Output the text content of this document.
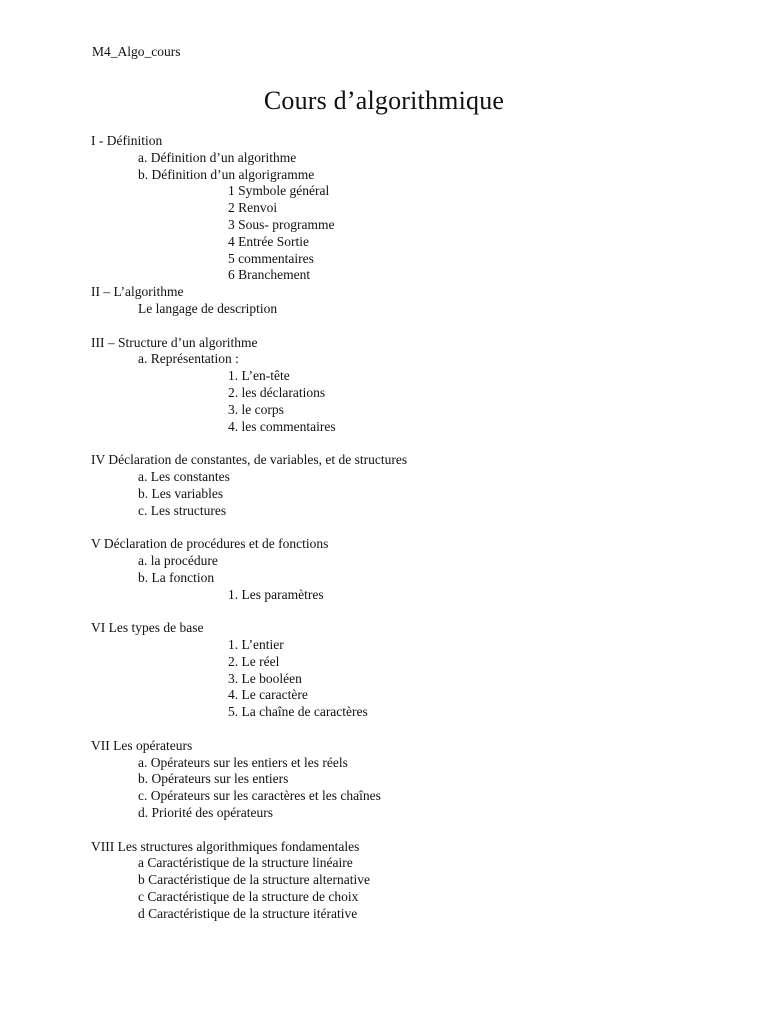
M4_Algo_cours
Cours d’algorithmique
I - Définition
a. Définition d’un algorithme
b. Définition d’un algorigramme
1 Symbole général
2 Renvoi
3 Sous- programme
4 Entrée Sortie
5 commentaires
6 Branchement
II – L’algorithme
Le langage de description
III – Structure d’un algorithme
a. Représentation :
1. L’en-tête
2. les déclarations
3. le corps
4. les commentaires
IV Déclaration de constantes, de variables, et de structures
a. Les constantes
b. Les variables
c. Les structures
V Déclaration de procédures et de fonctions
a. la procédure
b. La fonction
1. Les paramètres
VI Les types de base
1. L’entier
2. Le réel
3. Le booléen
4. Le caractère
5. La chaîne de caractères
VII Les opérateurs
a. Opérateurs sur les entiers et les réels
b. Opérateurs sur les entiers
c. Opérateurs sur les caractères et les chaînes
d. Priorité des opérateurs
VIII Les structures algorithmiques fondamentales
a Caractéristique de la structure linéaire
b Caractéristique de la structure alternative
c Caractéristique de la structure de choix
d Caractéristique de la structure itérative
